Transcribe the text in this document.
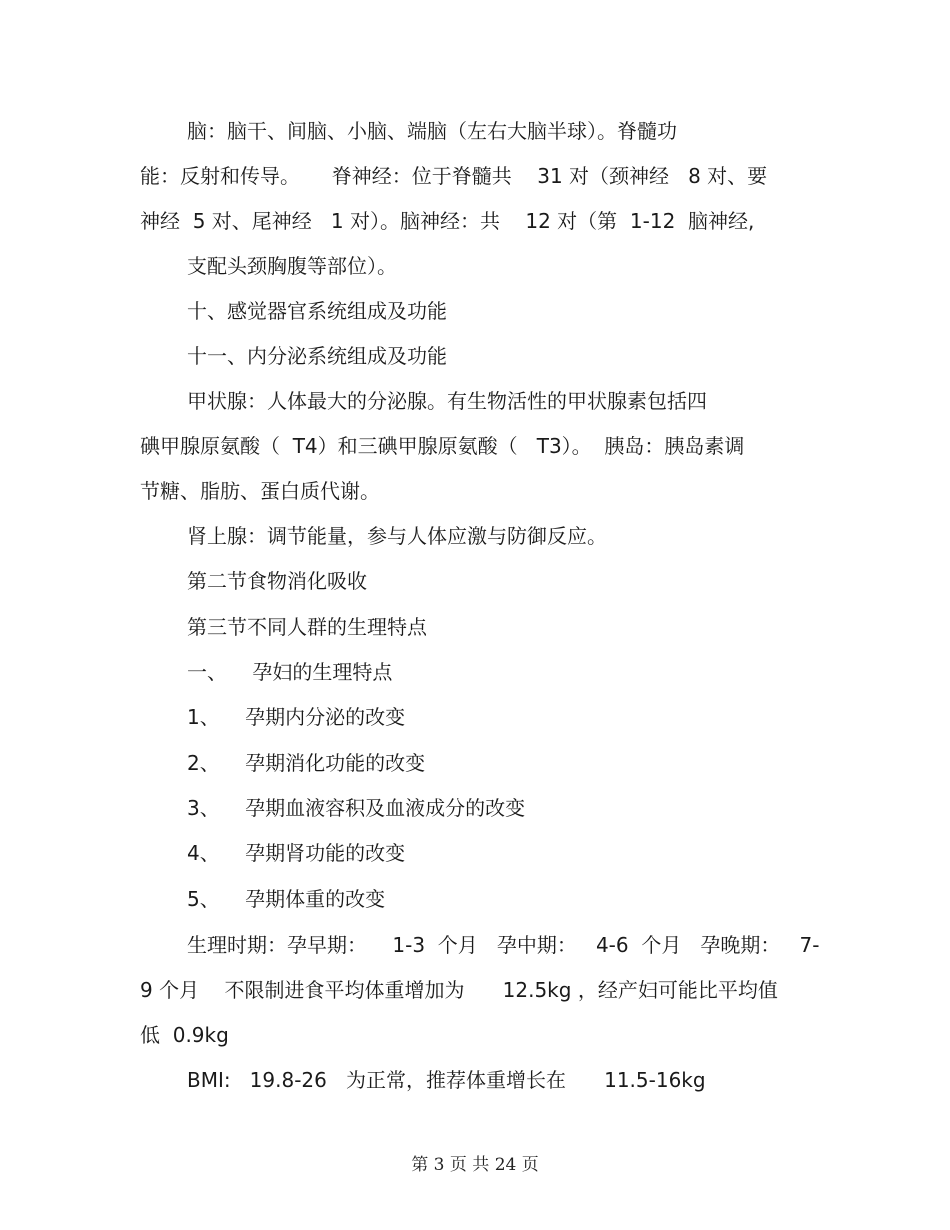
脑：脑干、间脑、小脑、端脑（左右大脑半球）。脊髓功
能：反射和传导。     脊神经：位于脊髓共    31 对（颈神经   8 对、要
神经  5 对、尾神经   1 对）。脑神经：共    12 对（第  1-12  脑神经,
支配头颈胸腹等部位）。
十、感觉器官系统组成及功能
十一、内分泌系统组成及功能
甲状腺：人体最大的分泌腺。有生物活性的甲状腺素包括四
碘甲腺原氨酸（  T4）和三碘甲腺原氨酸（   T3）。  胰岛：胰岛素调
节糖、脂肪、蛋白质代谢。
肾上腺：调节能量，参与人体应激与防御反应。
第二节食物消化吸收
第三节不同人群的生理特点
一、    孕妇的生理特点
1、    孕期内分泌的改变
2、    孕期消化功能的改变
3、    孕期血液容积及血液成分的改变
4、    孕期肾功能的改变
5、    孕期体重的改变
生理时期：孕早期：    1-3  个月   孕中期：   4-6  个月   孕晚期：   7-
9 个月    不限制进食平均体重增加为      12.5kg ，经产妇可能比平均值
低  0.9kg
BMI:   19.8-26   为正常，推荐体重增长在      11.5-16kg
第 3 页 共 24 页
